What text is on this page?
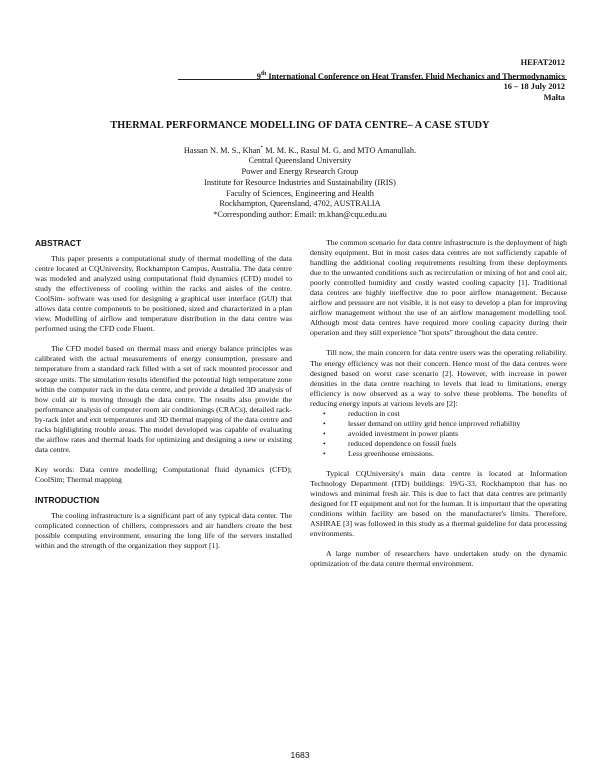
HEFAT2012
9th International Conference on Heat Transfer, Fluid Mechanics and Thermodynamics
16 – 18 July 2012
Malta
THERMAL PERFORMANCE MODELLING OF DATA CENTRE– A CASE STUDY
Hassan N. M. S., Khan* M. M. K., Rasul M. G. and MTO Amanullah.
Central Queensland University
Power and Energy Research Group
Institute for Resource Industries and Sustainability (IRIS)
Faculty of Sciences, Engineering and Health
Rockhampton, Queensland, 4702, AUSTRALIA
*Corresponding author: Email: m.khan@cqu.edu.au
ABSTRACT

This paper presents a computational study of thermal modelling of the data centre located at CQUniversity, Rockhampton Campus, Australia. The data centre was modeled and analyzed using computational fluid dynamics (CFD) model to study the effectiveness of cooling within the racks and aisles of the centre. CoolSim- software was used for designing a graphical user interface (GUI) that allows data centre components to be positioned, sized and characterized in a plan view. Modelling of airflow and temperature distribution in the data centre was performed using the CFD code Fluent.

The CFD model based on thermal mass and energy balance principles was calibrated with the actual measurements of energy consumption, pressure and temperature from a standard rack filled with a set of rack mounted processor and storage units. The simulation results identified the potential high temperature zone within the computer rack in the data centre, and provide a detailed 3D analysis of how cold air is moving through the data centre. The results also provide the performance analysis of computer room air conditionings (CRACs), detailed rack-by-rack inlet and exit temperatures and 3D thermal mapping of the data centre and racks highlighting trouble areas. The model developed was capable of evaluating the airflow rates and thermal loads for optimizing and designing a new or existing data centre.

Key words: Data centre modelling; Computational fluid dynamics (CFD); CoolSim; Thermal mapping

INTRODUCTION

The cooling infrastructure is a significant part of any typical data center. The complicated connection of chillers, compressors and air handlers create the best possible computing environment, ensuring the long life of the servers installed within and the strength of the organization they support [1].

The common scenario for data centre infrastructure is the deployment of high density equipment. But in most cases data centres are not sufficiently capable of handling the additional cooling requirements resulting from these deployments due to the unwanted conditions such as recirculation or mixing of hot and cool air, poorly controlled humidity and costly wasted cooling capacity [1]. Traditional data centres are highly ineffective due to poor airflow management. Because airflow and pressure are not visible, it is not easy to develop a plan for improving airflow management without the use of an airflow management modelling tool. Although most data centres have required more cooling capacity during their operation and they still experience "hot spots" throughout the data centre.

Till now, the main concern for data centre users was the operating reliability. The energy efficiency was not their concern. Hence most of the data centres were designed based on worst case scenario [2]. However, with increase in power densities in the data centre reaching to levels that lead to limitations, energy efficiency is now observed as a way to solve these problems. The benefits of reducing energy inputs at various levels are [2]:

• reduction in cost
• lesser demand on utility grid hence improved reliability
• avoided investment in power plants
• reduced dependence on fossil fuels
• Less greenhouse emissions.

Typical CQUniversity's main data centre is located at Information Technology Department (ITD) buildings: 19/G-33, Rockhampton that has no windows and minimal fresh air. This is due to fact that data centres are primarily designed for IT equipment and not for the human. It is important that the operating conditions within facility are based on the manufacturer's limits. Therefore, ASHRAE [3] was followed in this study as a thermal guideline for data processing environments.

A large number of researchers have undertaken study on the dynamic optimization of the data centre thermal environment.

1683
